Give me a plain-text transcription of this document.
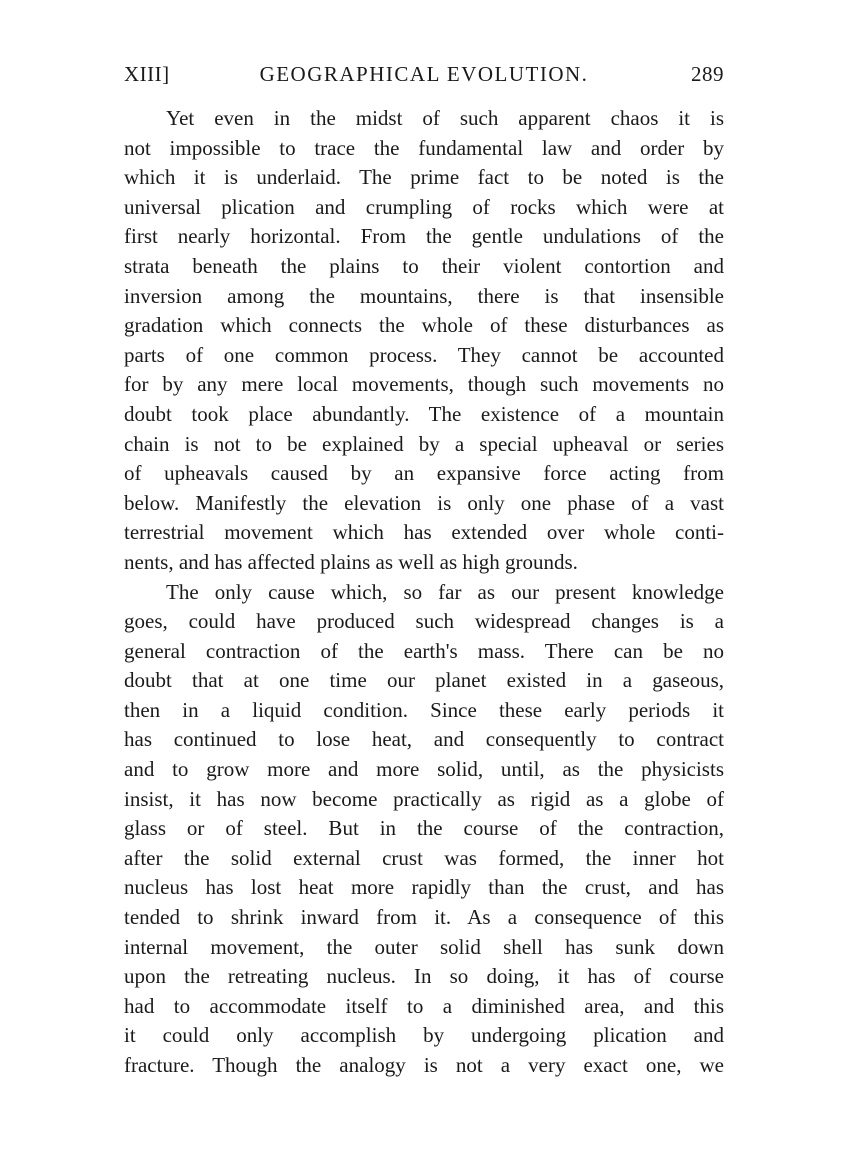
XIII]	GEOGRAPHICAL EVOLUTION.	289
Yet even in the midst of such apparent chaos it is
not impossible to trace the fundamental law and order by
which it is underlaid. The prime fact to be noted is the
universal plication and crumpling of rocks which were at
first nearly horizontal. From the gentle undulations of the
strata beneath the plains to their violent contortion and
inversion among the mountains, there is that insensible
gradation which connects the whole of these disturbances as
parts of one common process. They cannot be accounted
for by any mere local movements, though such movements no
doubt took place abundantly. The existence of a mountain
chain is not to be explained by a special upheaval or series
of upheavals caused by an expansive force acting from
below. Manifestly the elevation is only one phase of a vast
terrestrial movement which has extended over whole conti-
nents, and has affected plains as well as high grounds.
The only cause which, so far as our present knowledge
goes, could have produced such widespread changes is a
general contraction of the earth's mass. There can be no
doubt that at one time our planet existed in a gaseous,
then in a liquid condition. Since these early periods it
has continued to lose heat, and consequently to contract
and to grow more and more solid, until, as the physicists
insist, it has now become practically as rigid as a globe of
glass or of steel. But in the course of the contraction,
after the solid external crust was formed, the inner hot
nucleus has lost heat more rapidly than the crust, and has
tended to shrink inward from it. As a consequence of this
internal movement, the outer solid shell has sunk down
upon the retreating nucleus. In so doing, it has of course
had to accommodate itself to a diminished area, and this
it could only accomplish by undergoing plication and
fracture. Though the analogy is not a very exact one, we
